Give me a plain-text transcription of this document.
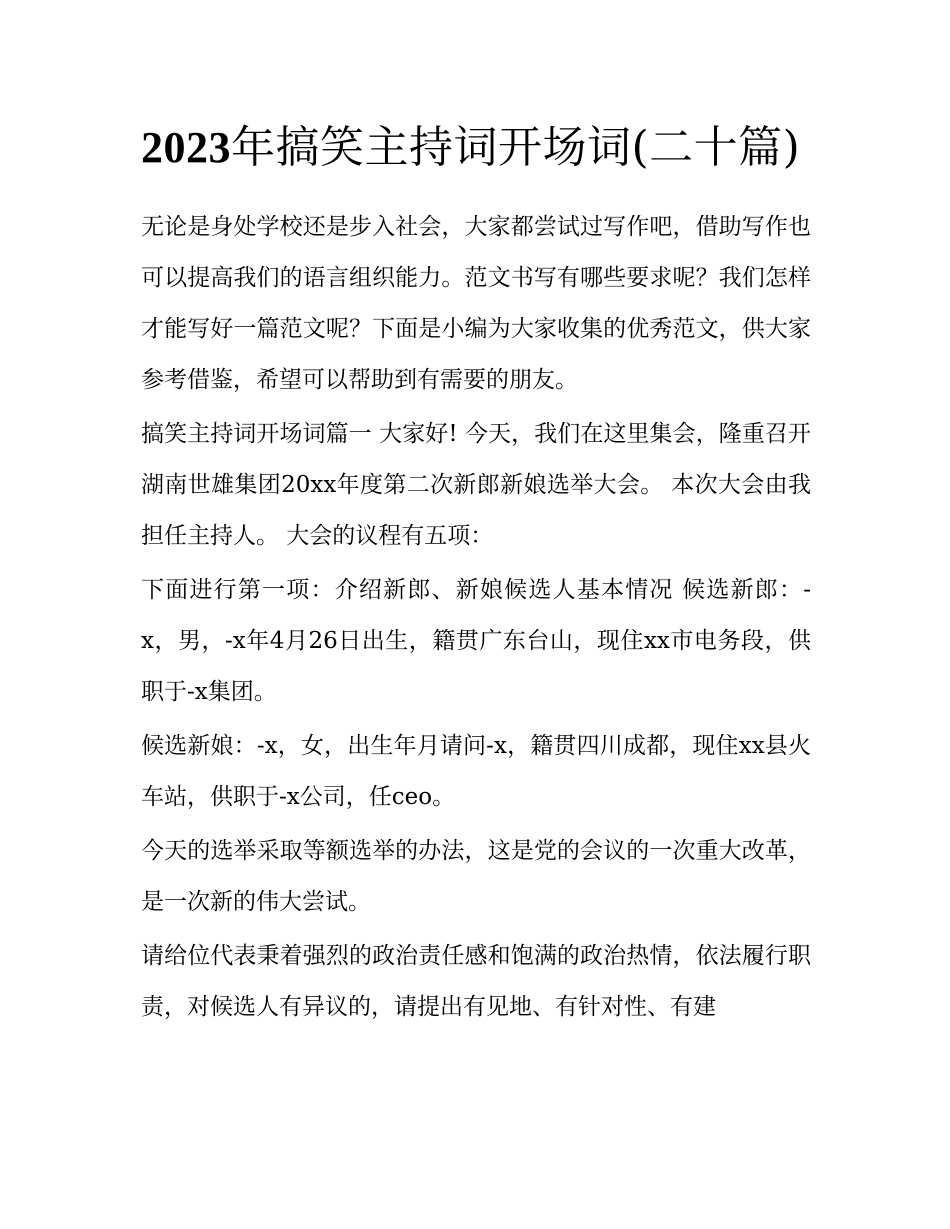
2023年搞笑主持词开场词(二十篇)

无论是身处学校还是步入社会，大家都尝试过写作吧，借助写作也可以提高我们的语言组织能力。范文书写有哪些要求呢？我们怎样才能写好一篇范文呢？下面是小编为大家收集的优秀范文，供大家参考借鉴，希望可以帮助到有需要的朋友。

搞笑主持词开场词篇一 大家好! 今天，我们在这里集会，隆重召开湖南世雄集团20xx年度第二次新郎新娘选举大会。 本次大会由我担任主持人。 大会的议程有五项：

下面进行第一项：介绍新郎、新娘候选人基本情况 候选新郎：-x，男，-x年4月26日出生，籍贯广东台山，现住xx市电务段，供职于-x集团。

候选新娘：-x，女，出生年月请问-x，籍贯四川成都，现住xx县火车站，供职于-x公司，任ceo。

今天的选举采取等额选举的办法，这是党的会议的一次重大改革，是一次新的伟大尝试。

请给位代表秉着强烈的政治责任感和饱满的政治热情，依法履行职责，对候选人有异议的，请提出有见地、有针对性、有建
